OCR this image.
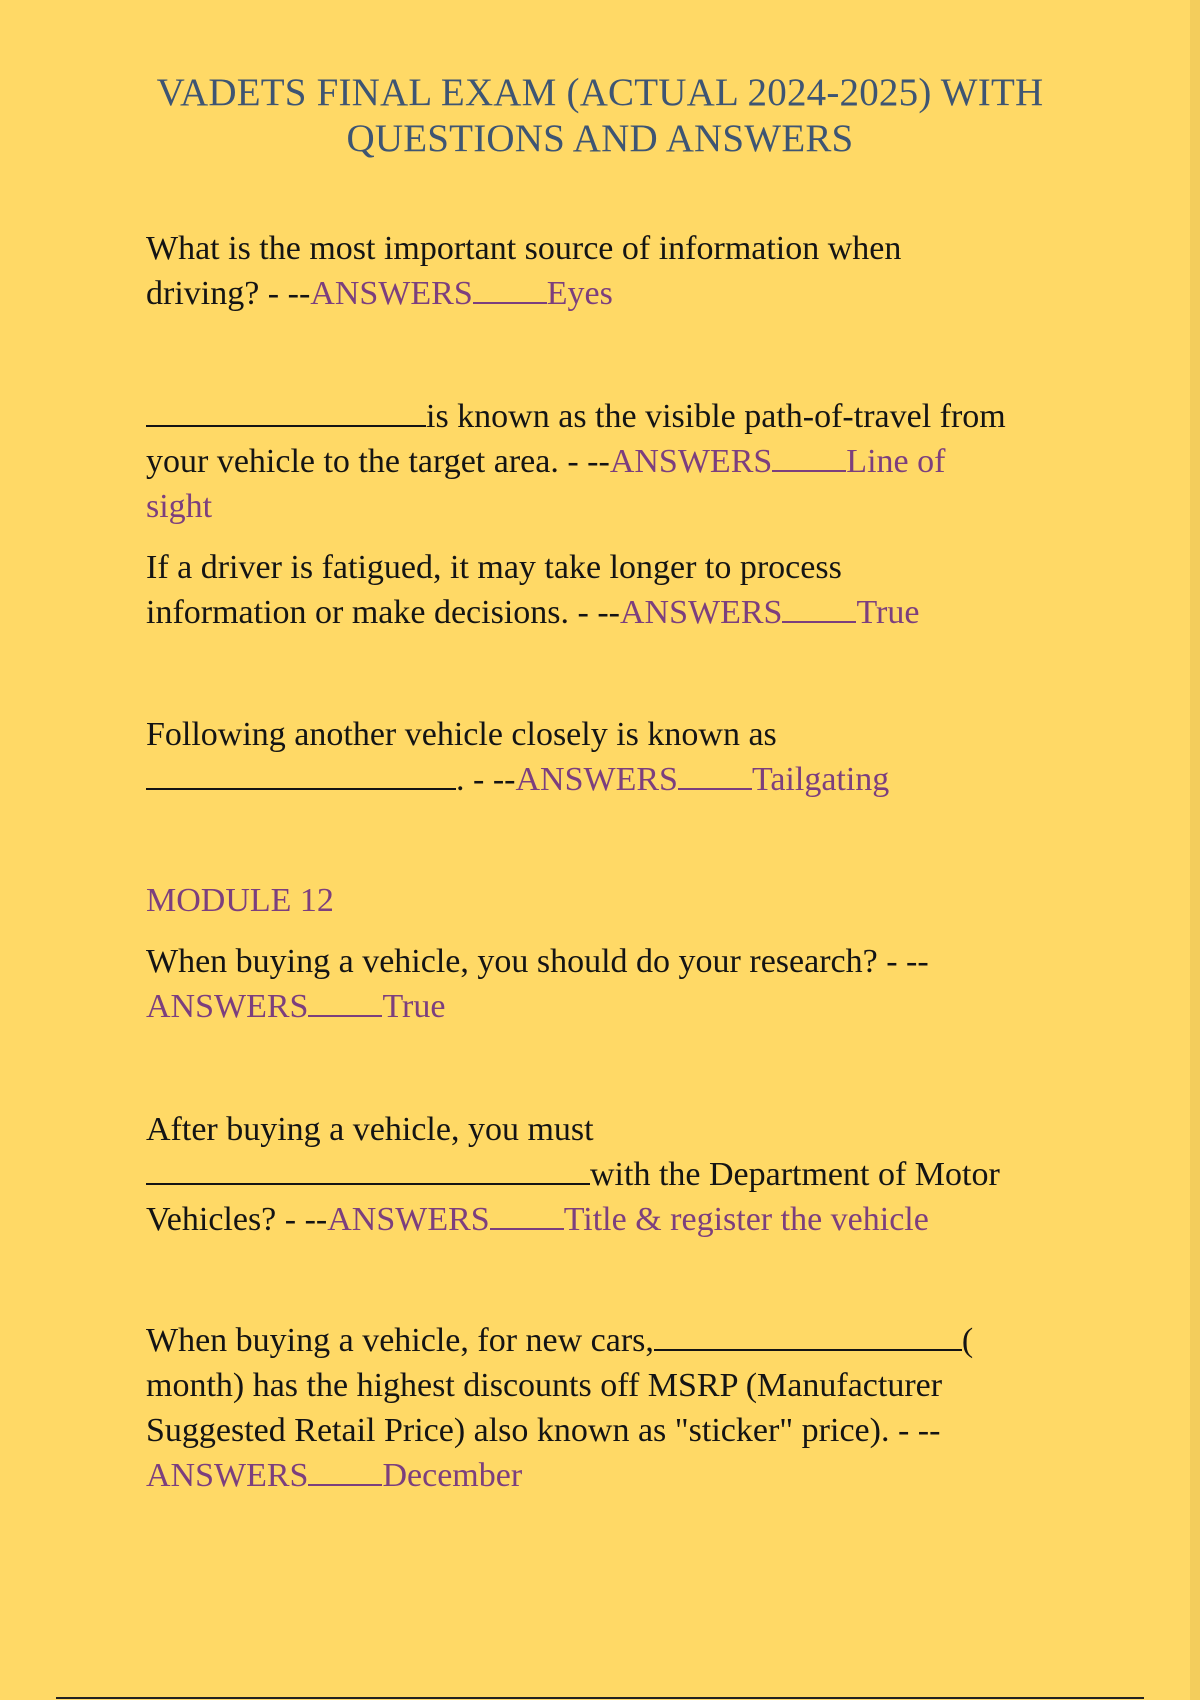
VADETS FINAL EXAM (ACTUAL 2024-2025) WITH
QUESTIONS AND ANSWERS
What is the most important source of information when
driving? - --ANSWERS Eyes
is known as the visible path-of-travel from
your vehicle to the target area. - --ANSWERS Line of
sight
If a driver is fatigued, it may take longer to process
information or make decisions. - --ANSWERS True
Following another vehicle closely is known as
. - --ANSWERS Tailgating
MODULE 12
When buying a vehicle, you should do your research? - --
ANSWERS True
After buying a vehicle, you must
with the Department of Motor
Vehicles? - --ANSWERS Title & register the vehicle
When buying a vehicle, for new cars,	(
month) has the highest discounts off MSRP (Manufacturer
Suggested Retail Price) also known as "sticker" price). - --
ANSWERS December
